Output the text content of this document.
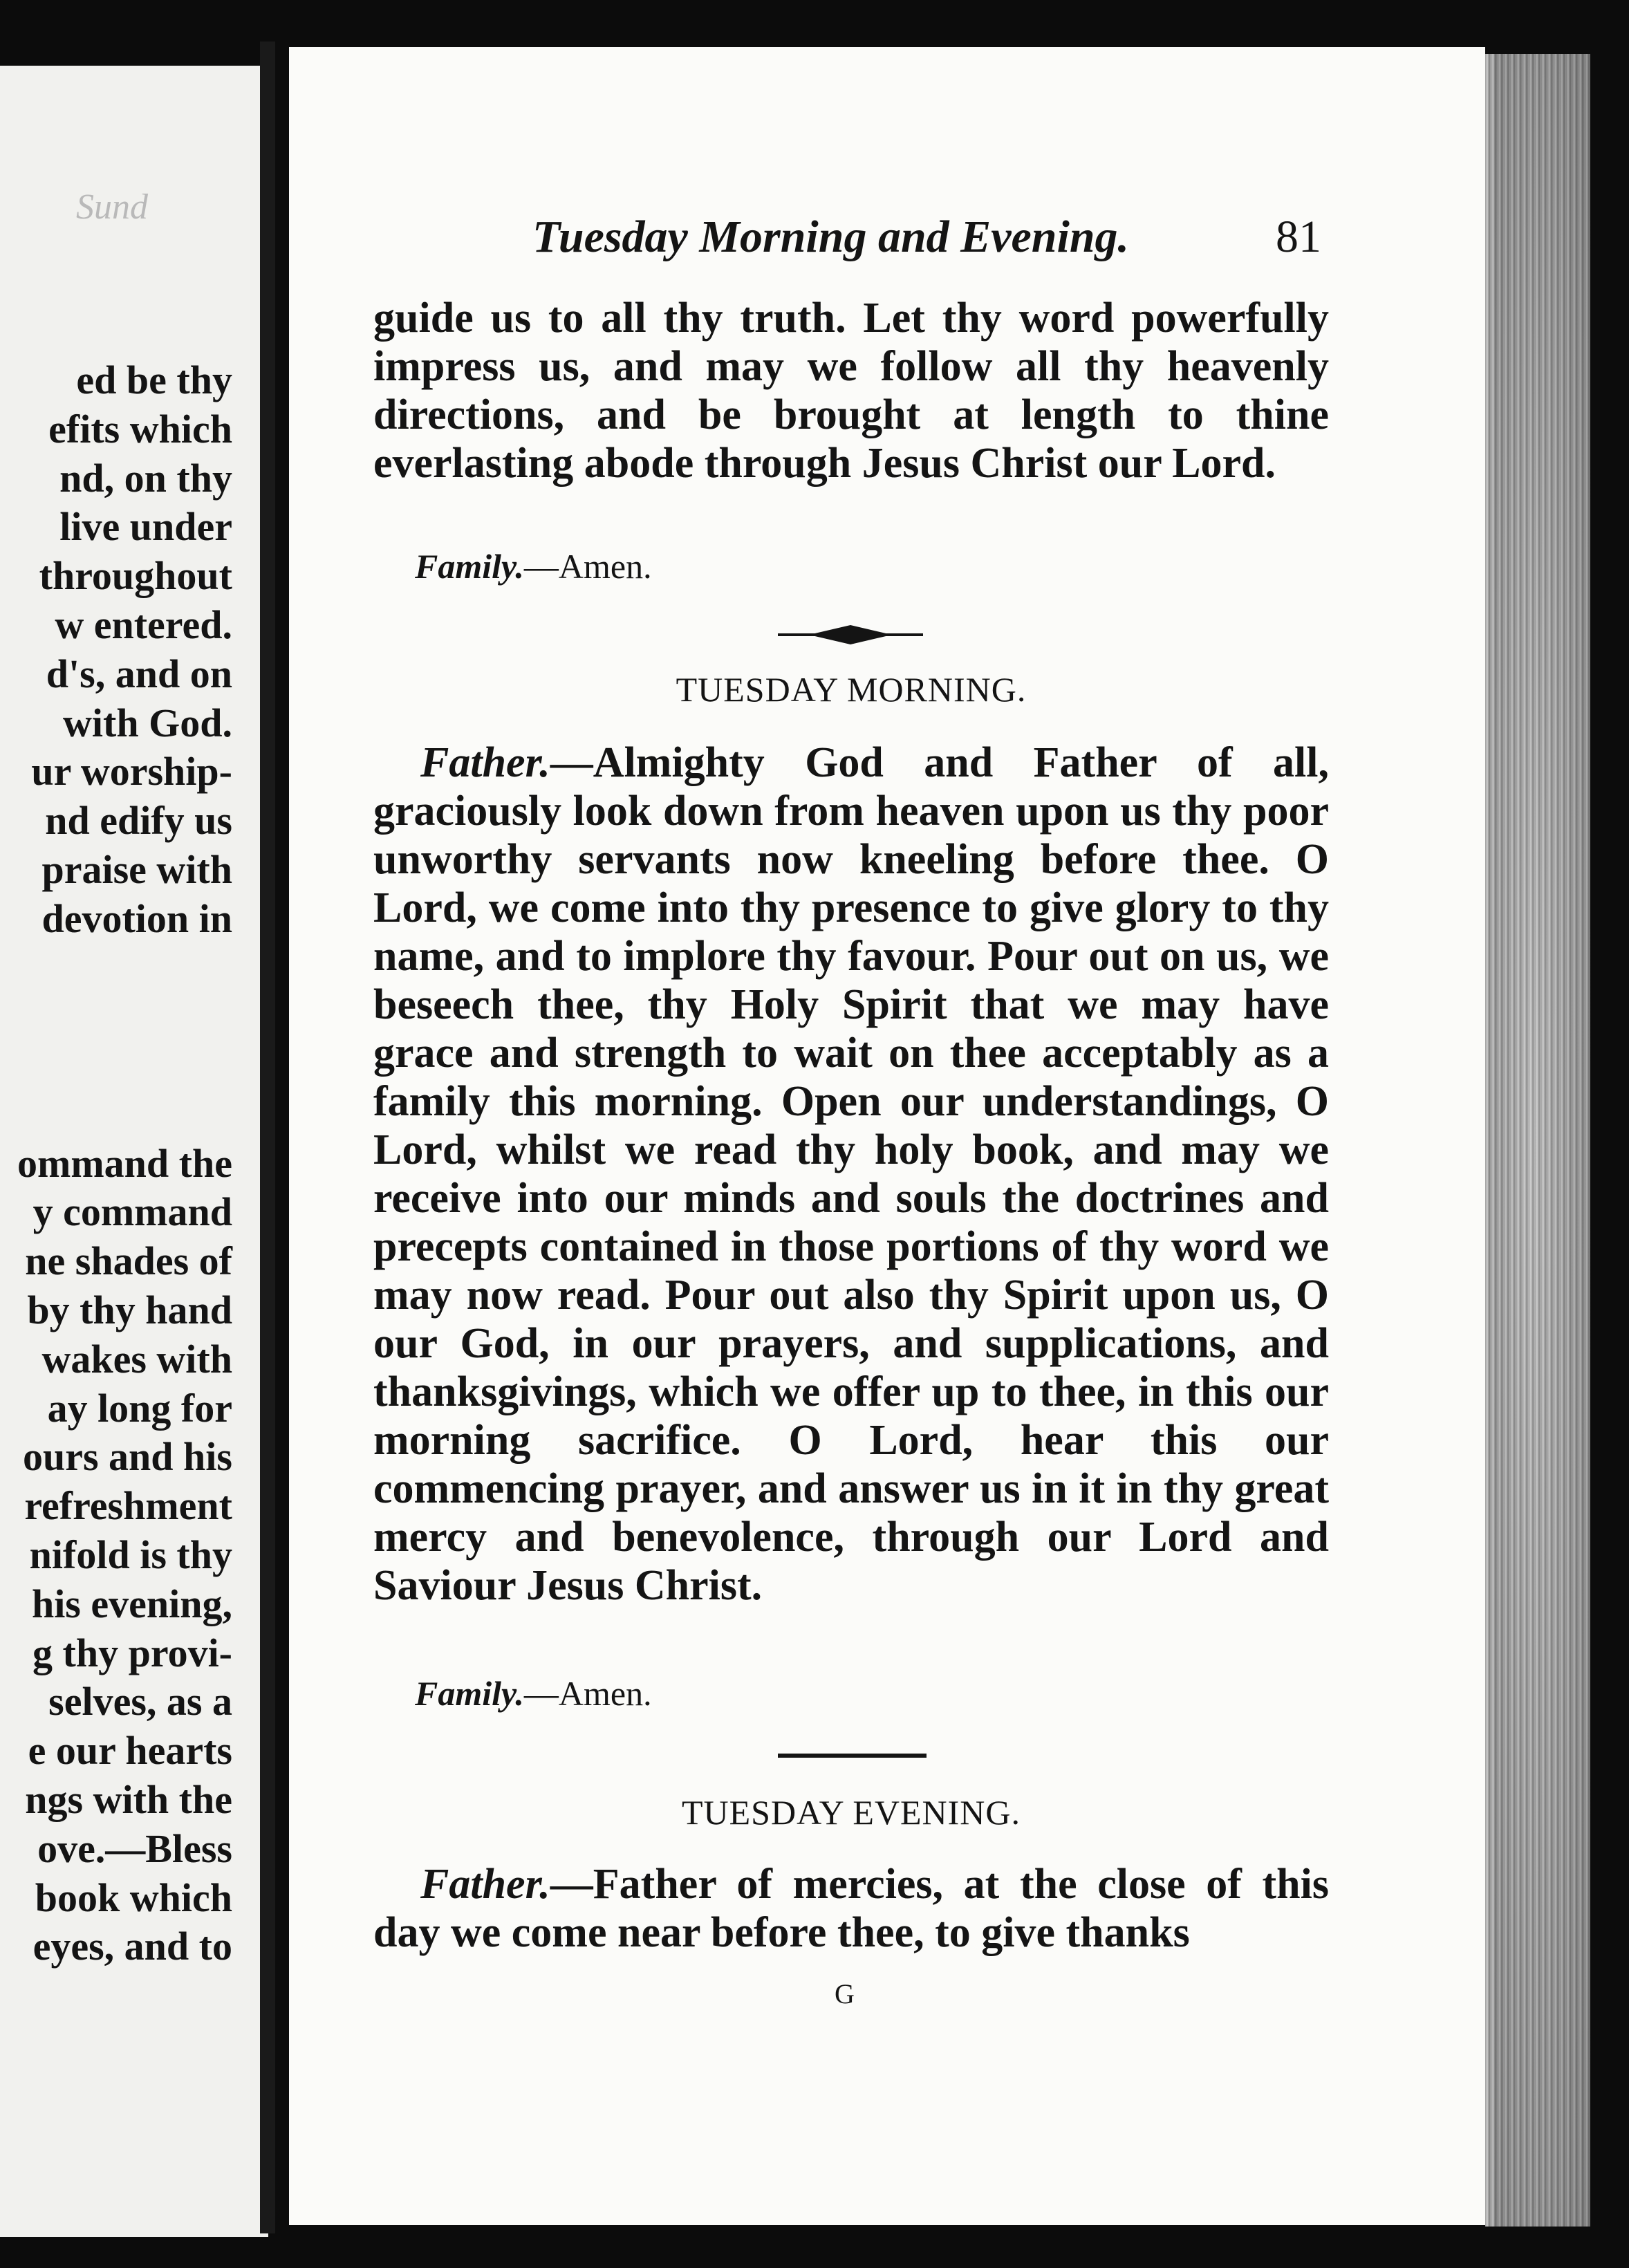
Sund
ed be thy
efits which
nd, on thy
live under
throughout
w entered.
d's, and on
with God.
ur worship-
nd edify us
praise with
devotion in
ommand the
y command
ne shades of
by thy hand
wakes with
ay long for
ours and his
refreshment
nifold is thy
his evening,
g thy provi-
selves, as a
e our hearts
ngs with the
ove.—Bless
book which
eyes, and to
Tuesday Morning and Evening.	81

guide us to all thy truth. Let thy word powerfully impress us, and may we follow all thy heavenly directions, and be brought at length to thine everlasting abode through Jesus Christ our Lord.

Family.—Amen.
TUESDAY MORNING.

Father.—Almighty God and Father of all, graciously look down from heaven upon us thy poor unworthy servants now kneeling before thee. O Lord, we come into thy presence to give glory to thy name, and to implore thy favour. Pour out on us, we beseech thee, thy Holy Spirit that we may have grace and strength to wait on thee acceptably as a family this morning. Open our understandings, O Lord, whilst we read thy holy book, and may we receive into our minds and souls the doctrines and precepts contained in those portions of thy word we may now read. Pour out also thy Spirit upon us, O our God, in our prayers, and supplications, and thanksgivings, which we offer up to thee, in this our morning sacrifice. O Lord, hear this our commencing prayer, and answer us in it in thy great mercy and benevolence, through our Lord and Saviour Jesus Christ.

Family.—Amen.
TUESDAY EVENING.

Father.—Father of mercies, at the close of this day we come near before thee, to give thanks

G
